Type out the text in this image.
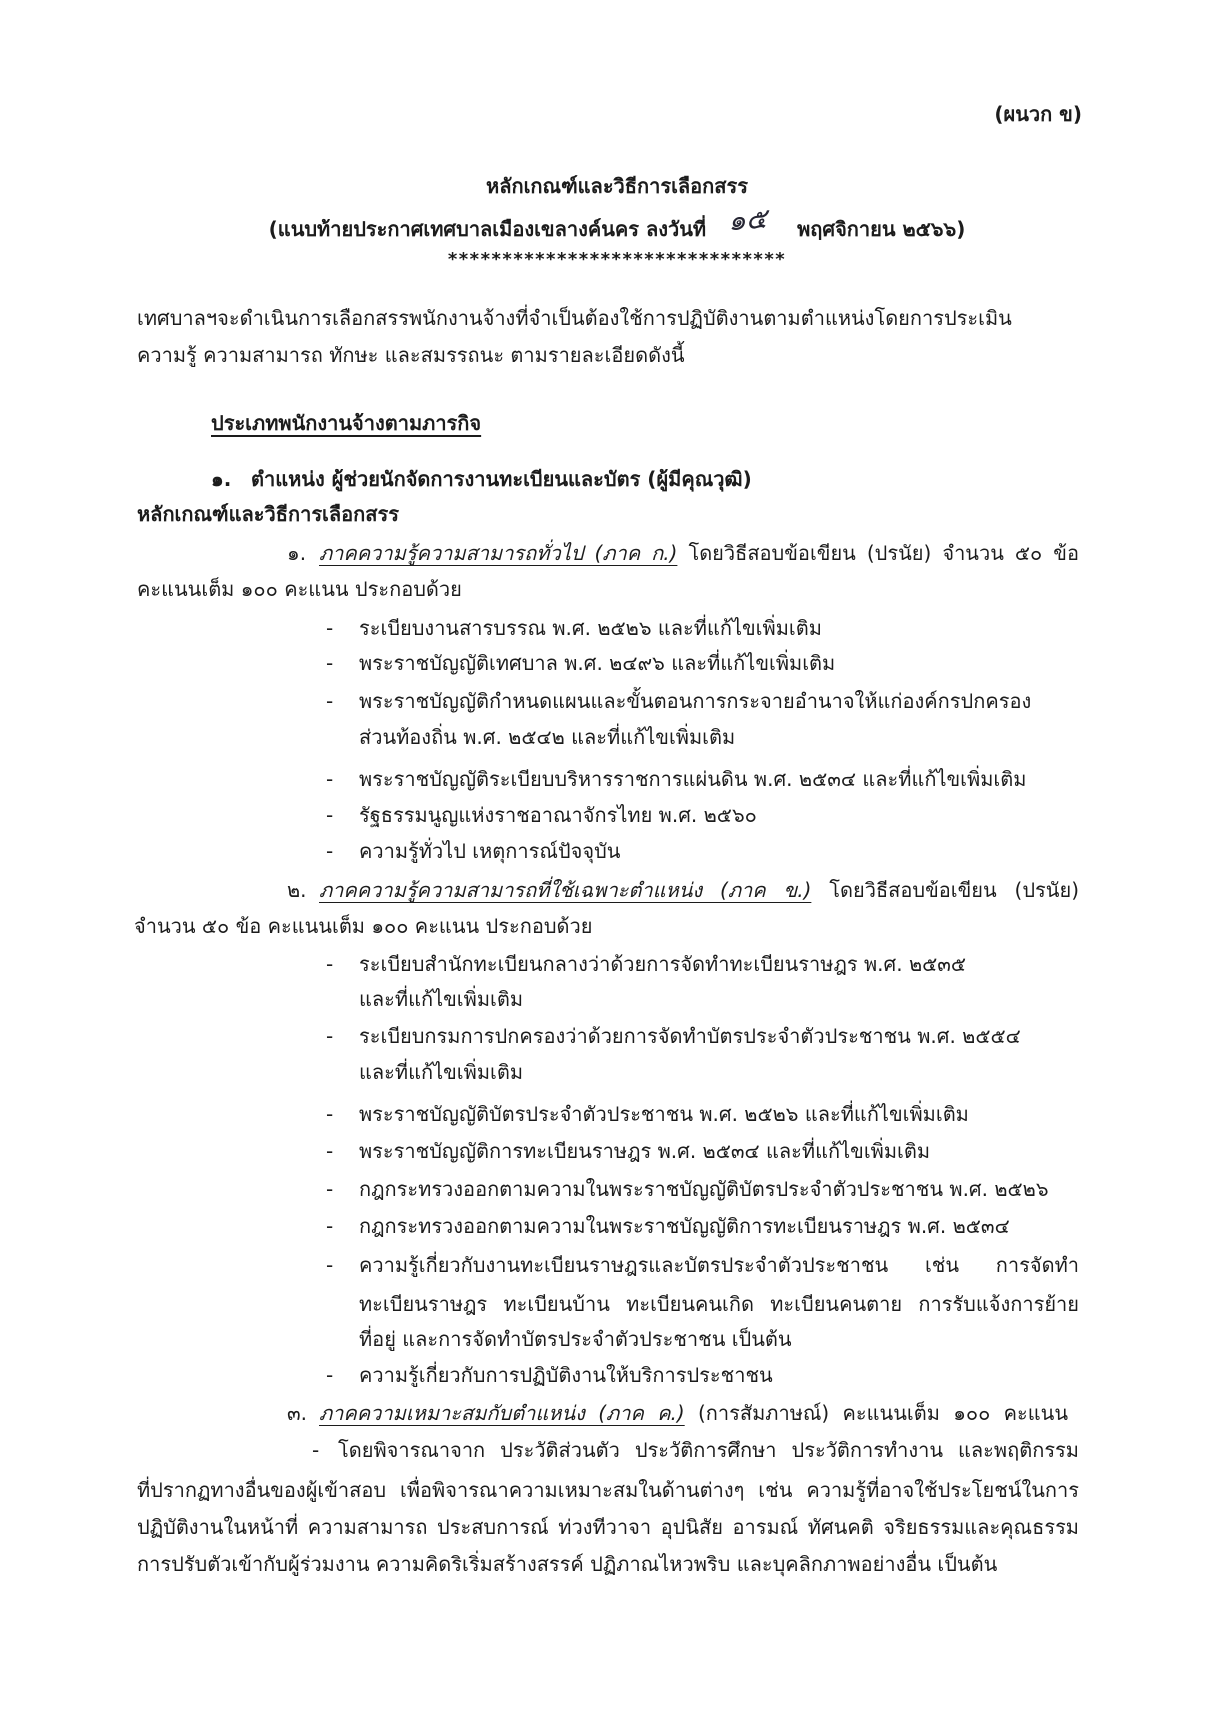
(ผนวก ข)
หลักเกณฑ์และวิธีการเลือกสรร
(แนบท้ายประกาศเทศบาลเมืองเขลางค์นคร ลงวันที่ ๑๕ พฤศจิกายน ๒๕๖๖)
*******************************
เทศบาลฯจะดำเนินการเลือกสรรพนักงานจ้างที่จำเป็นต้องใช้การปฏิบัติงานตามตำแหน่งโดยการประเมิน
ความรู้ ความสามารถ ทักษะ และสมรรถนะ ตามรายละเอียดดังนี้
ประเภทพนักงานจ้างตามภารกิจ
๑. ตำแหน่ง ผู้ช่วยนักจัดการงานทะเบียนและบัตร (ผู้มีคุณวุฒิ)
หลักเกณฑ์และวิธีการเลือกสรร
๑. ภาคความรู้ความสามารถทั่วไป (ภาค ก.) โดยวิธีสอบข้อเขียน (ปรนัย) จำนวน ๕๐ ข้อ
คะแนนเต็ม ๑๐๐ คะแนน ประกอบด้วย
- ระเบียบงานสารบรรณ พ.ศ. ๒๕๒๖ และที่แก้ไขเพิ่มเติม
- พระราชบัญญัติเทศบาล พ.ศ. ๒๔๙๖ และที่แก้ไขเพิ่มเติม
- พระราชบัญญัติกำหนดแผนและขั้นตอนการกระจายอำนาจให้แก่องค์กรปกครอง
ส่วนท้องถิ่น พ.ศ. ๒๕๔๒ และที่แก้ไขเพิ่มเติม
- พระราชบัญญัติระเบียบบริหารราชการแผ่นดิน พ.ศ. ๒๕๓๔ และที่แก้ไขเพิ่มเติม
- รัฐธรรมนูญแห่งราชอาณาจักรไทย พ.ศ. ๒๕๖๐
- ความรู้ทั่วไป เหตุการณ์ปัจจุบัน
๒. ภาคความรู้ความสามารถที่ใช้เฉพาะตำแหน่ง (ภาค ข.) โดยวิธีสอบข้อเขียน (ปรนัย)
จำนวน ๕๐ ข้อ คะแนนเต็ม ๑๐๐ คะแนน ประกอบด้วย
- ระเบียบสำนักทะเบียนกลางว่าด้วยการจัดทำทะเบียนราษฎร พ.ศ. ๒๕๓๕
และที่แก้ไขเพิ่มเติม
- ระเบียบกรมการปกครองว่าด้วยการจัดทำบัตรประจำตัวประชาชน พ.ศ. ๒๕๕๔
และที่แก้ไขเพิ่มเติม
- พระราชบัญญัติบัตรประจำตัวประชาชน พ.ศ. ๒๕๒๖ และที่แก้ไขเพิ่มเติม
- พระราชบัญญัติการทะเบียนราษฎร พ.ศ. ๒๕๓๔ และที่แก้ไขเพิ่มเติม
- กฎกระทรวงออกตามความในพระราชบัญญัติบัตรประจำตัวประชาชน พ.ศ. ๒๕๒๖
- กฎกระทรวงออกตามความในพระราชบัญญัติการทะเบียนราษฎร พ.ศ. ๒๕๓๔
- ความรู้เกี่ยวกับงานทะเบียนราษฎรและบัตรประจำตัวประชาชน เช่น การจัดทำ
ทะเบียนราษฎร ทะเบียนบ้าน ทะเบียนคนเกิด ทะเบียนคนตาย การรับแจ้งการย้าย
ที่อยู่ และการจัดทำบัตรประจำตัวประชาชน เป็นต้น
- ความรู้เกี่ยวกับการปฏิบัติงานให้บริการประชาชน
๓. ภาคความเหมาะสมกับตำแหน่ง (ภาค ค.) (การสัมภาษณ์) คะแนนเต็ม ๑๐๐ คะแนน
- โดยพิจารณาจาก ประวัติส่วนตัว ประวัติการศึกษา ประวัติการทำงาน และพฤติกรรม
ที่ปรากฏทางอื่นของผู้เข้าสอบ เพื่อพิจารณาความเหมาะสมในด้านต่างๆ เช่น ความรู้ที่อาจใช้ประโยชน์ในการ
ปฏิบัติงานในหน้าที่ ความสามารถ ประสบการณ์ ท่วงทีวาจา อุปนิสัย อารมณ์ ทัศนคติ จริยธรรมและคุณธรรม
การปรับตัวเข้ากับผู้ร่วมงาน ความคิดริเริ่มสร้างสรรค์ ปฏิภาณไหวพริบ และบุคลิกภาพอย่างอื่น เป็นต้น
